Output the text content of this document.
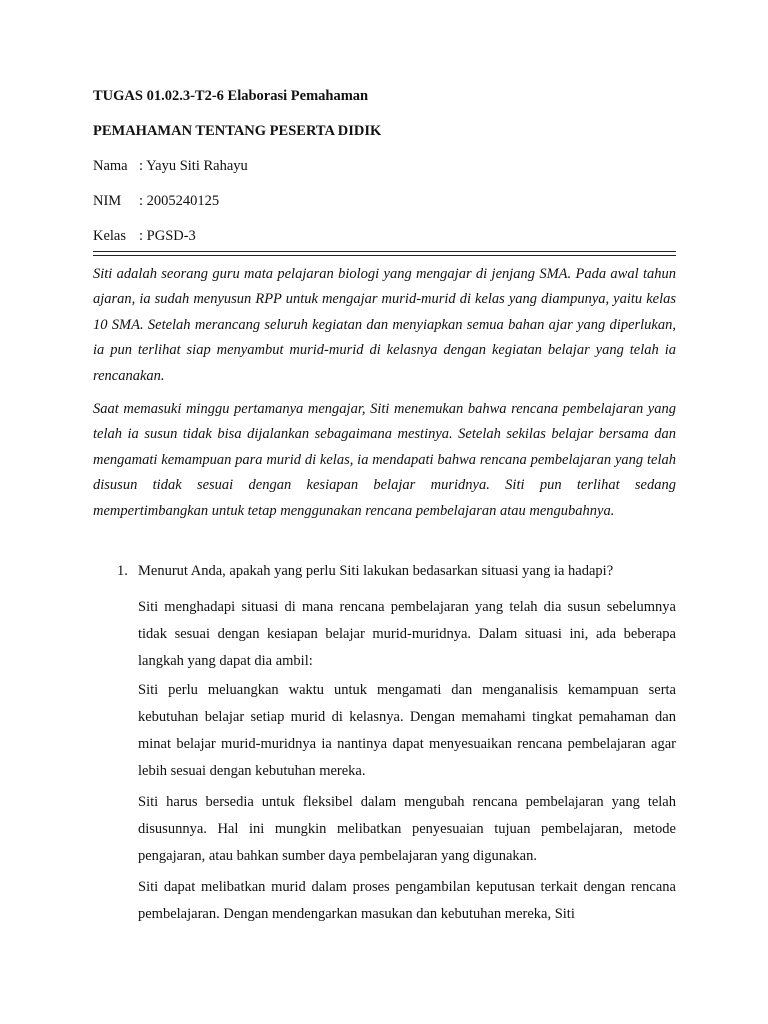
TUGAS 01.02.3-T2-6 Elaborasi Pemahaman
PEMAHAMAN TENTANG PESERTA DIDIK
Nama : Yayu Siti Rahayu
NIM : 2005240125
Kelas : PGSD-3

Siti adalah seorang guru mata pelajaran biologi yang mengajar di jenjang SMA. Pada awal tahun ajaran, ia sudah menyusun RPP untuk mengajar murid-murid di kelas yang diampunya, yaitu kelas 10 SMA. Setelah merancang seluruh kegiatan dan menyiapkan semua bahan ajar yang diperlukan, ia pun terlihat siap menyambut murid-murid di kelasnya dengan kegiatan belajar yang telah ia rencanakan.

Saat memasuki minggu pertamanya mengajar, Siti menemukan bahwa rencana pembelajaran yang telah ia susun tidak bisa dijalankan sebagaimana mestinya. Setelah sekilas belajar bersama dan mengamati kemampuan para murid di kelas, ia mendapati bahwa rencana pembelajaran yang telah disusun tidak sesuai dengan kesiapan belajar muridnya. Siti pun terlihat sedang mempertimbangkan untuk tetap menggunakan rencana pembelajaran atau mengubahnya.

1. Menurut Anda, apakah yang perlu Siti lakukan bedasarkan situasi yang ia hadapi?

Siti menghadapi situasi di mana rencana pembelajaran yang telah dia susun sebelumnya tidak sesuai dengan kesiapan belajar murid-muridnya. Dalam situasi ini, ada beberapa langkah yang dapat dia ambil:

Siti perlu meluangkan waktu untuk mengamati dan menganalisis kemampuan serta kebutuhan belajar setiap murid di kelasnya. Dengan memahami tingkat pemahaman dan minat belajar murid-muridnya ia nantinya dapat menyesuaikan rencana pembelajaran agar lebih sesuai dengan kebutuhan mereka.

Siti harus bersedia untuk fleksibel dalam mengubah rencana pembelajaran yang telah disusunnya. Hal ini mungkin melibatkan penyesuaian tujuan pembelajaran, metode pengajaran, atau bahkan sumber daya pembelajaran yang digunakan.

Siti dapat melibatkan murid dalam proses pengambilan keputusan terkait dengan rencana pembelajaran. Dengan mendengarkan masukan dan kebutuhan mereka, Siti
